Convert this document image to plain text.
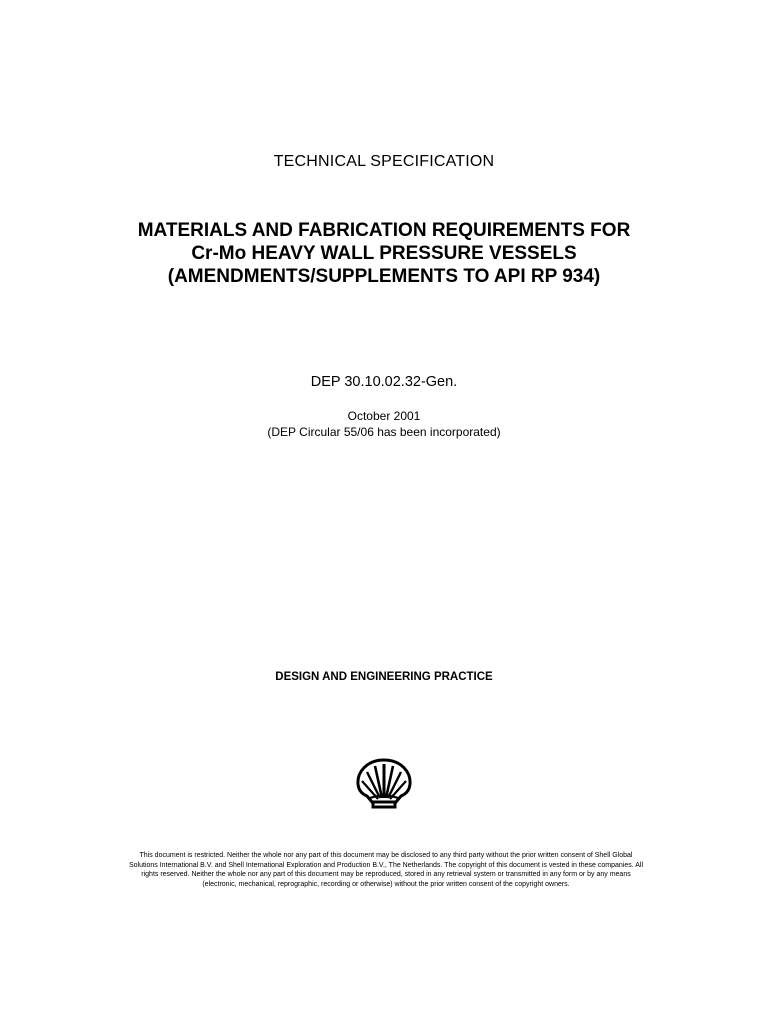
TECHNICAL SPECIFICATION
MATERIALS AND FABRICATION REQUIREMENTS FOR
Cr-Mo HEAVY WALL PRESSURE VESSELS
(AMENDMENTS/SUPPLEMENTS TO API RP 934)
DEP 30.10.02.32-Gen.
October 2001
(DEP Circular 55/06 has been incorporated)
DESIGN AND ENGINEERING PRACTICE
This document is restricted. Neither the whole nor any part of this document may be disclosed to any third party without the prior written consent of Shell Global
Solutions International B.V. and Shell International Exploration and Production B.V., The Netherlands. The copyright of this document is vested in these companies. All
rights reserved. Neither the whole nor any part of this document may be reproduced, stored in any retrieval system or transmitted in any form or by any means
(electronic, mechanical, reprographic, recording or otherwise) without the prior written consent of the copyright owners.
